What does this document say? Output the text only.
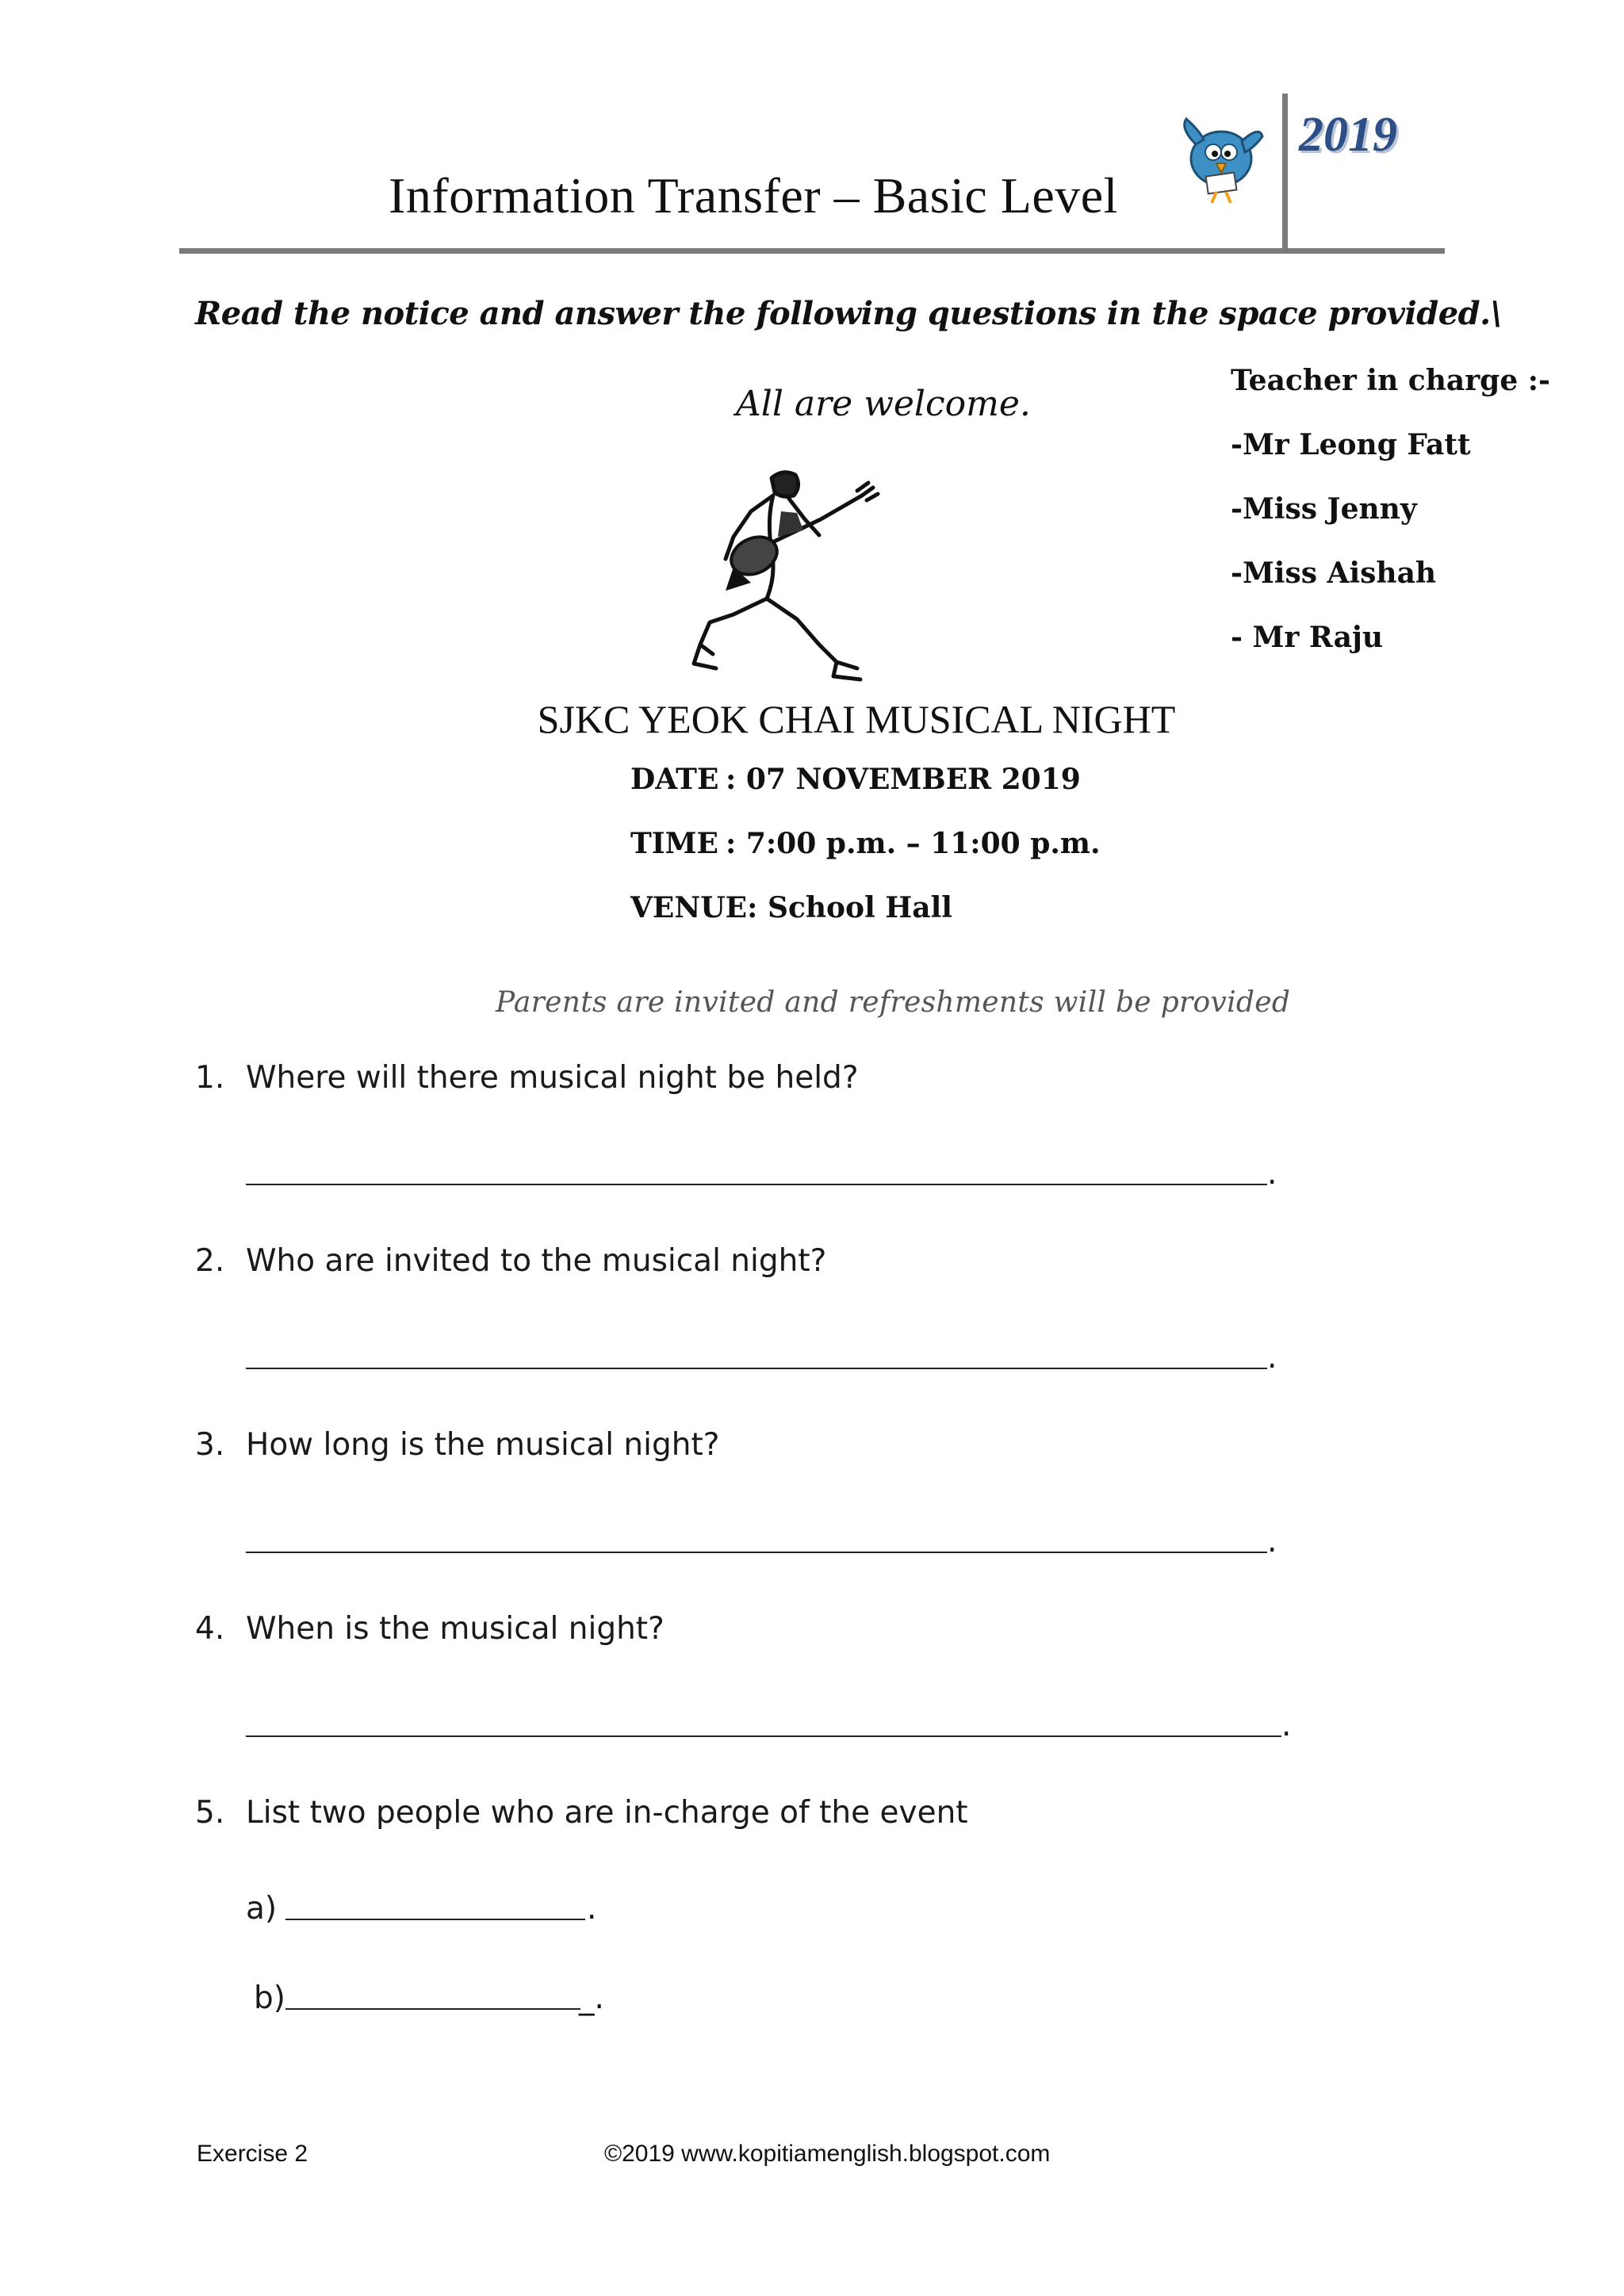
Information Transfer – Basic Level
2019
Read the notice and answer the following questions in the space provided.\
All are welcome.
Teacher in charge :-
-Mr Leong Fatt
-Miss Jenny
-Miss Aishah
- Mr Raju
SJKC YEOK CHAI MUSICAL NIGHT
DATE : 07 NOVEMBER 2019
TIME : 7:00 p.m. – 11:00 p.m.
VENUE: School Hall
Parents are invited and refreshments will be provided
1. Where will there musical night be held?
.
2. Who are invited to the musical night?
.
3. How long is the musical night?
.
4. When is the musical night?
.
5. List two people who are in-charge of the event
a)	.
b)	_.
Exercise 2	©2019 www.kopitiamenglish.blogspot.com
